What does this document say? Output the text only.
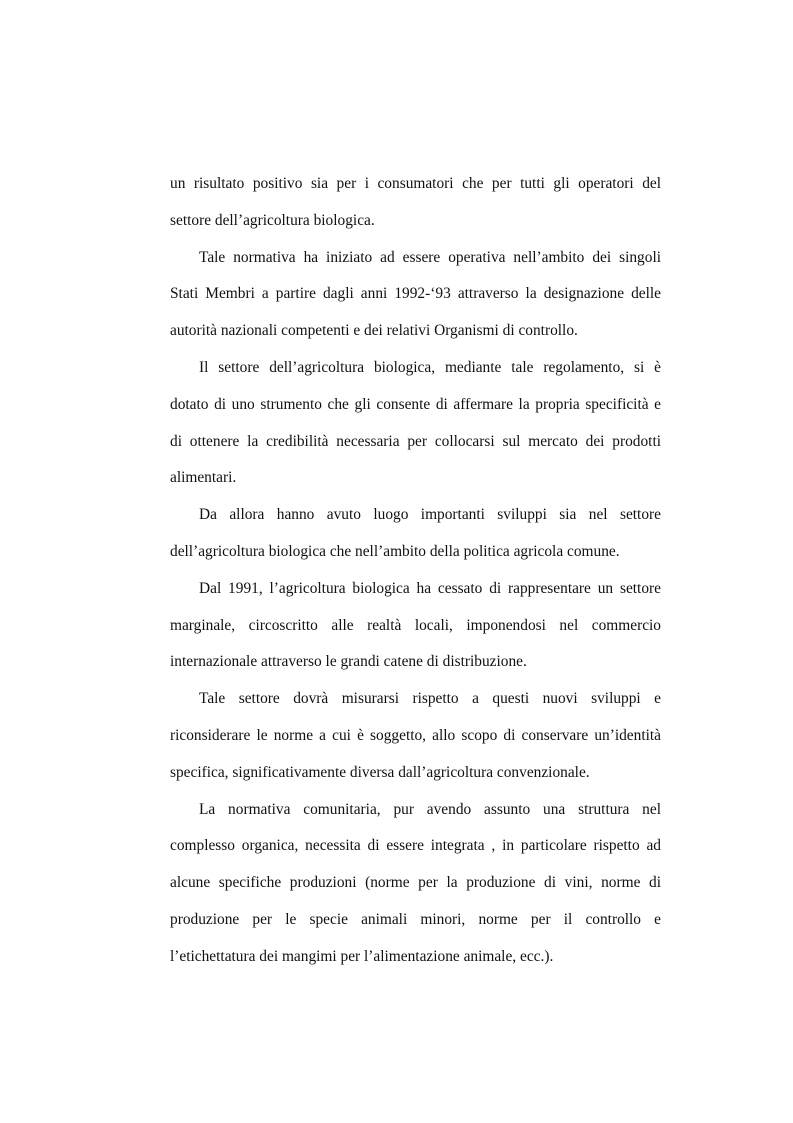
un risultato positivo sia per i consumatori che per tutti gli operatori del
settore dell’agricoltura biologica.
Tale normativa ha iniziato ad essere operativa nell’ambito dei singoli
Stati Membri a partire dagli anni 1992-‘93 attraverso la designazione delle
autorità nazionali competenti e dei relativi Organismi di controllo.
Il settore dell’agricoltura biologica, mediante tale regolamento, si è
dotato di uno strumento che gli consente di affermare la propria specificità e
di ottenere la credibilità necessaria per collocarsi sul mercato dei prodotti
alimentari.
Da allora hanno avuto luogo importanti sviluppi sia nel settore
dell’agricoltura biologica che nell’ambito della politica agricola comune.
Dal 1991, l’agricoltura biologica ha cessato di rappresentare un settore
marginale, circoscritto alle realtà locali, imponendosi nel commercio
internazionale attraverso le grandi catene di distribuzione.
Tale settore dovrà misurarsi rispetto a questi nuovi sviluppi e
riconsiderare le norme a cui è soggetto, allo scopo di conservare un’identità
specifica, significativamente diversa dall’agricoltura convenzionale.
La normativa comunitaria, pur avendo assunto una struttura nel
complesso organica, necessita di essere integrata , in particolare rispetto ad
alcune specifiche produzioni (norme per la produzione di vini, norme di
produzione per le specie animali minori, norme per il controllo e
l’etichettatura dei mangimi per l’alimentazione animale, ecc.).
